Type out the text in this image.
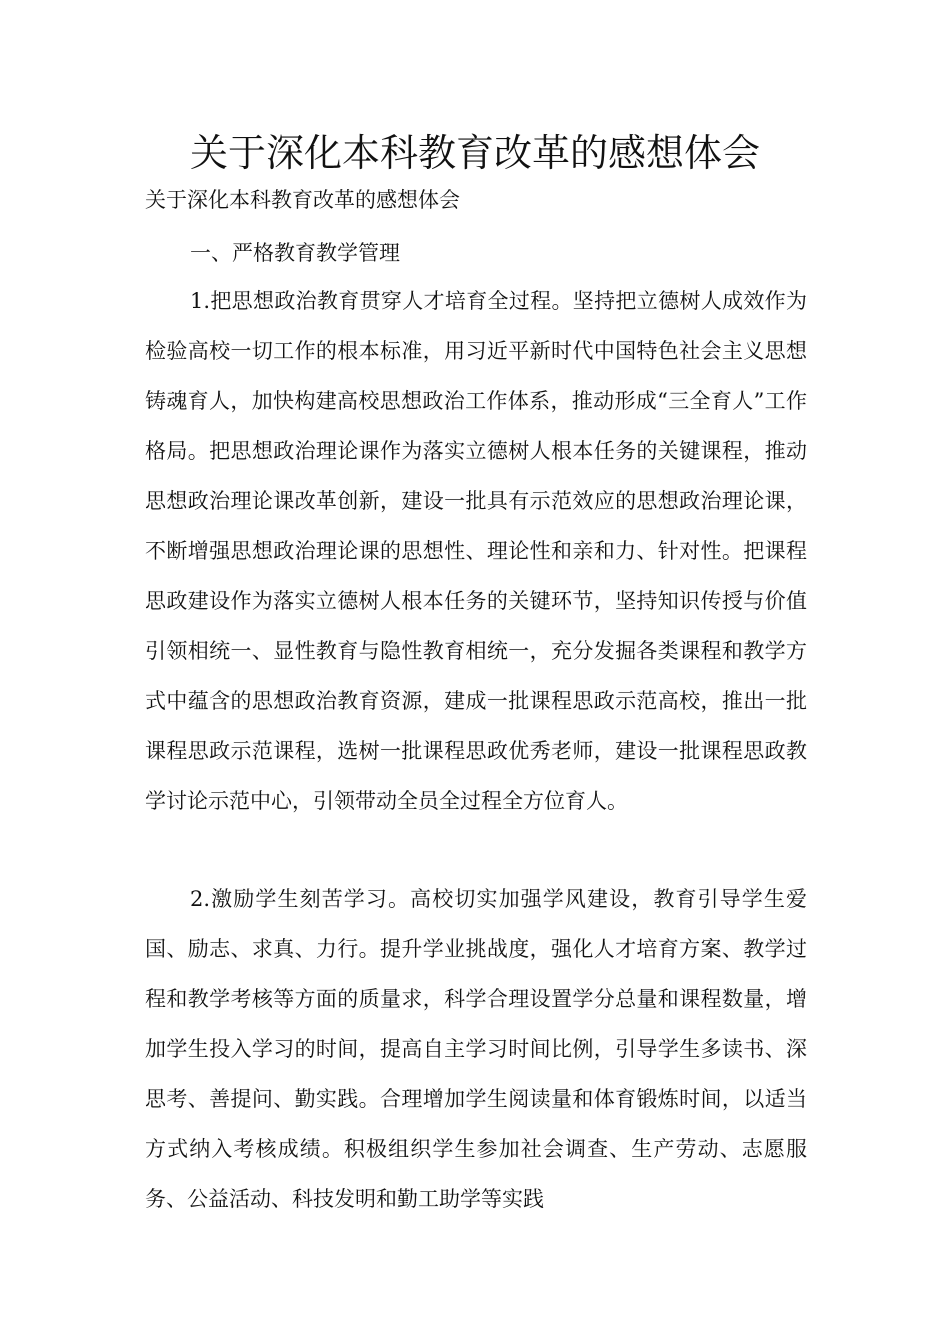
关于深化本科教育改革的感想体会

关于深化本科教育改革的感想体会

一、严格教育教学管理

1.把思想政治教育贯穿人才培育全过程。坚持把立德树人成效作为检验高校一切工作的根本标准，用习近平新时代中国特色社会主义思想铸魂育人，加快构建高校思想政治工作体系，推动形成“三全育人”工作格局。把思想政治理论课作为落实立德树人根本任务的关键课程，推动思想政治理论课改革创新，建设一批具有示范效应的思想政治理论课，不断增强思想政治理论课的思想性、理论性和亲和力、针对性。把课程思政建设作为落实立德树人根本任务的关键环节，坚持知识传授与价值引领相统一、显性教育与隐性教育相统一，充分发掘各类课程和教学方式中蕴含的思想政治教育资源，建成一批课程思政示范高校，推出一批课程思政示范课程，选树一批课程思政优秀老师，建设一批课程思政教学讨论示范中心，引领带动全员全过程全方位育人。

2.激励学生刻苦学习。高校切实加强学风建设，教育引导学生爱国、励志、求真、力行。提升学业挑战度，强化人才培育方案、教学过程和教学考核等方面的质量求，科学合理设置学分总量和课程数量，增加学生投入学习的时间，提高自主学习时间比例，引导学生多读书、深思考、善提问、勤实践。合理增加学生阅读量和体育锻炼时间，以适当方式纳入考核成绩。积极组织学生参加社会调查、生产劳动、志愿服务、公益活动、科技发明和勤工助学等实践
